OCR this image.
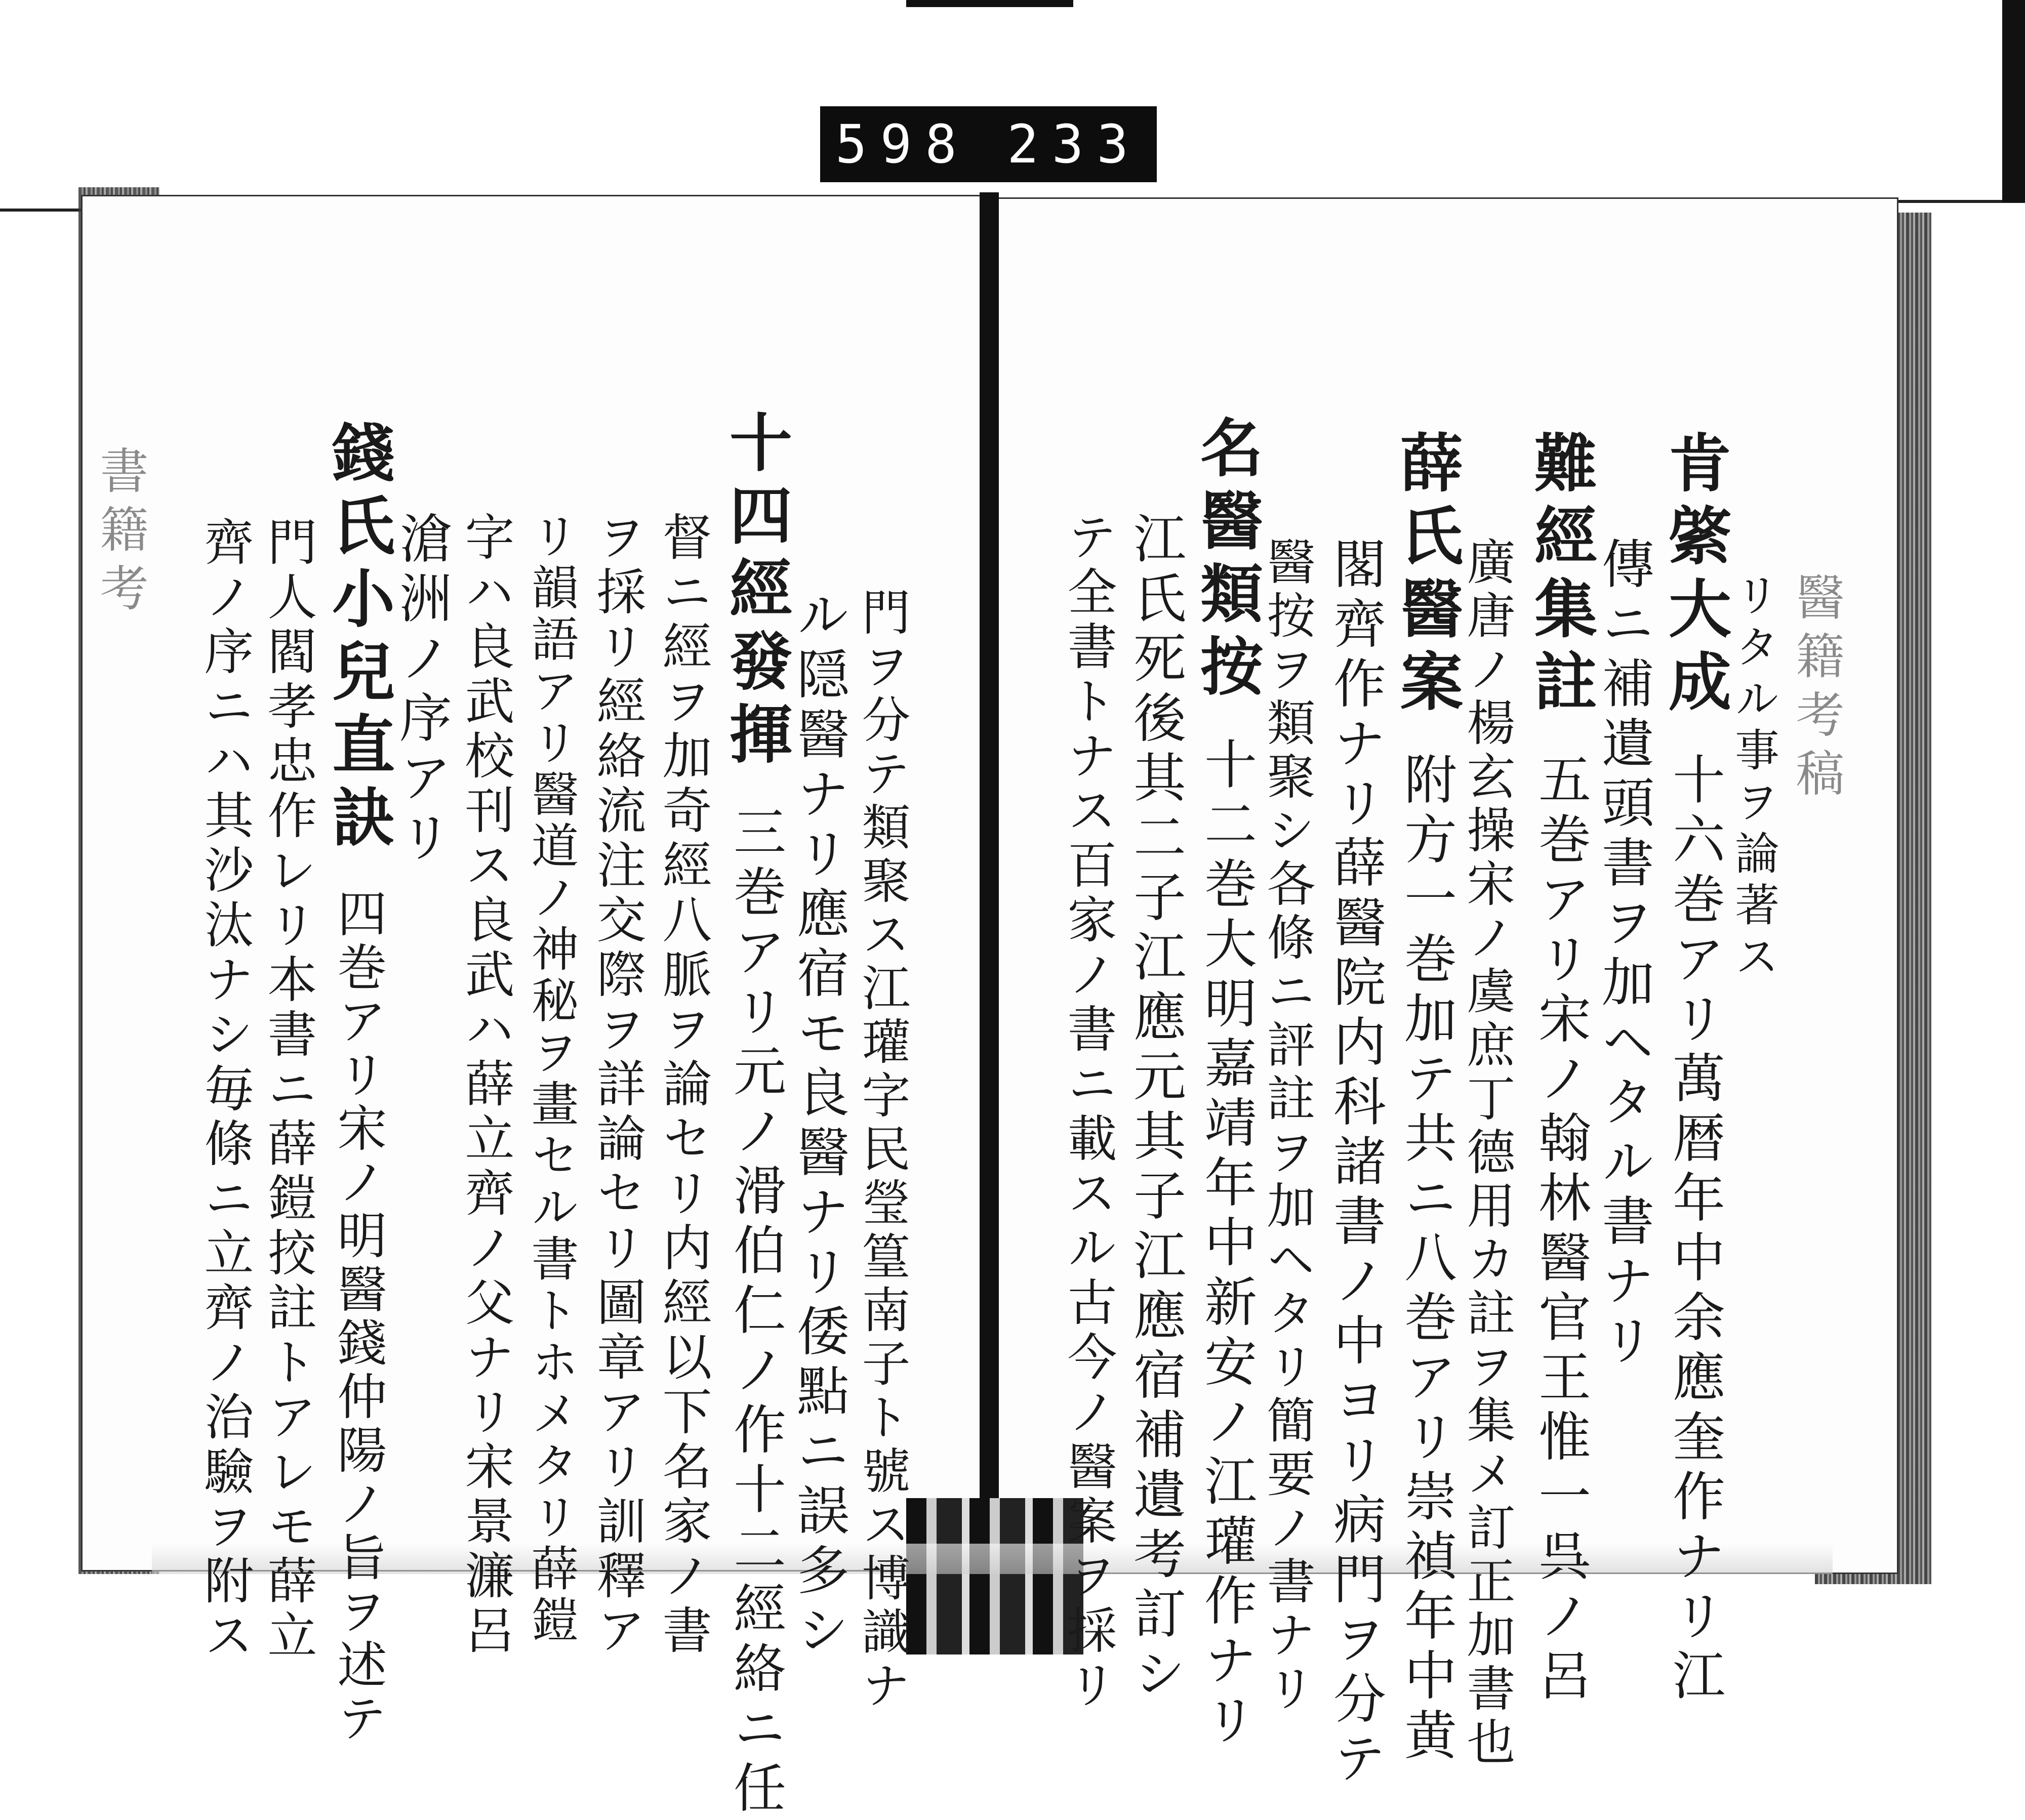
598 233
書籍考
醫籍考稿
リタル事ヲ論著ス
肯綮大成十六巻アリ萬暦年中余應奎作ナリ江
傳ニ補遺頭書ヲ加ヘタル書ナリ
難經集註五巻アリ宋ノ翰林醫官王惟一呉ノ呂
廣唐ノ楊玄操宋ノ虞庶丁德用カ註ヲ集メ訂正加書也
薛氏醫案附方一巻加テ共ニ八巻アリ崇禎年中黄
閣齊作ナリ薛醫院内科諸書ノ中ヨリ病門ヲ分テ
醫按ヲ類聚シ各條ニ評註ヲ加ヘタリ簡要ノ書ナリ
名醫類按十二巻大明嘉靖年中新安ノ江瓘作ナリ
江氏死後其二子江應元其子江應宿補遺考訂シ
テ全書トナス百家ノ書ニ載スル古今ノ醫案ヲ採リ
門ヲ分テ類聚ス江瓘字民瑩篁南子ト號ス博識ナ
ル隠醫ナリ應宿モ良醫ナリ倭點ニ誤多シ
十四經發揮三巻アリ元ノ滑伯仁ノ作十二經絡ニ任
督ニ經ヲ加奇經八脈ヲ論セリ内經以下名家ノ書
ヲ採リ經絡流注交際ヲ詳論セリ圖章アリ訓釋ア
リ韻語アリ醫道ノ神秘ヲ畫セル書トホメタリ薛鎧
字ハ良武校刊ス良武ハ薛立齊ノ父ナリ宋景濂呂
滄洲ノ序アリ
錢氏小兒直訣四巻アリ宋ノ明醫錢仲陽ノ旨ヲ述テ
門人閻孝忠作レリ本書ニ薛鎧挍註トアレモ薛立
齊ノ序ニハ其沙汰ナシ毎條ニ立齊ノ治驗ヲ附ス
